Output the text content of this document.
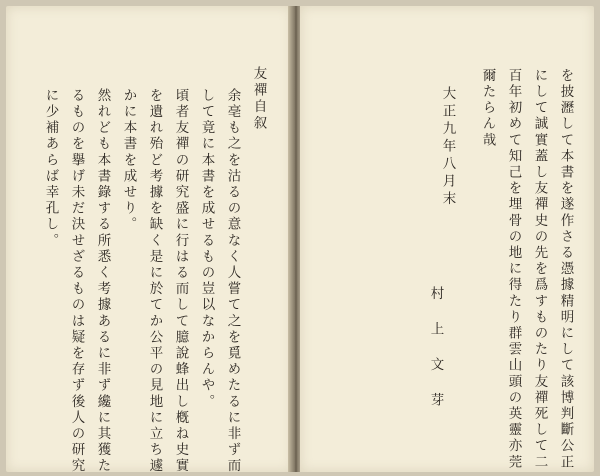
友禪自叙
余亳も之を沽るの意なく人嘗て之を覓めたるに非ず而
して竟に本書を成せるもの豈以なからんや。
頃者友禪の研究盛に行はる而して臆說蜂出し槪ね史實
を遺れ殆ど考據を缺く是に於てか公平の見地に立ち遽
かに本書を成せり。
然れども本書錄する所悉く考據あるに非ず纔に其獲た
るものを擧げ未だ決せざるものは疑を存ず後人の研究
に少補あらば幸孔し。	を披瀝して本書を遂作さる憑據精明にして該博判斷公正
にして誠實蓋し友禪史の先を爲すものたり友禪死して二
百年初めて知己を埋骨の地に得たり群雲山頭の英靈亦莞
爾たらん哉
大正九年八月末
村上文芽
